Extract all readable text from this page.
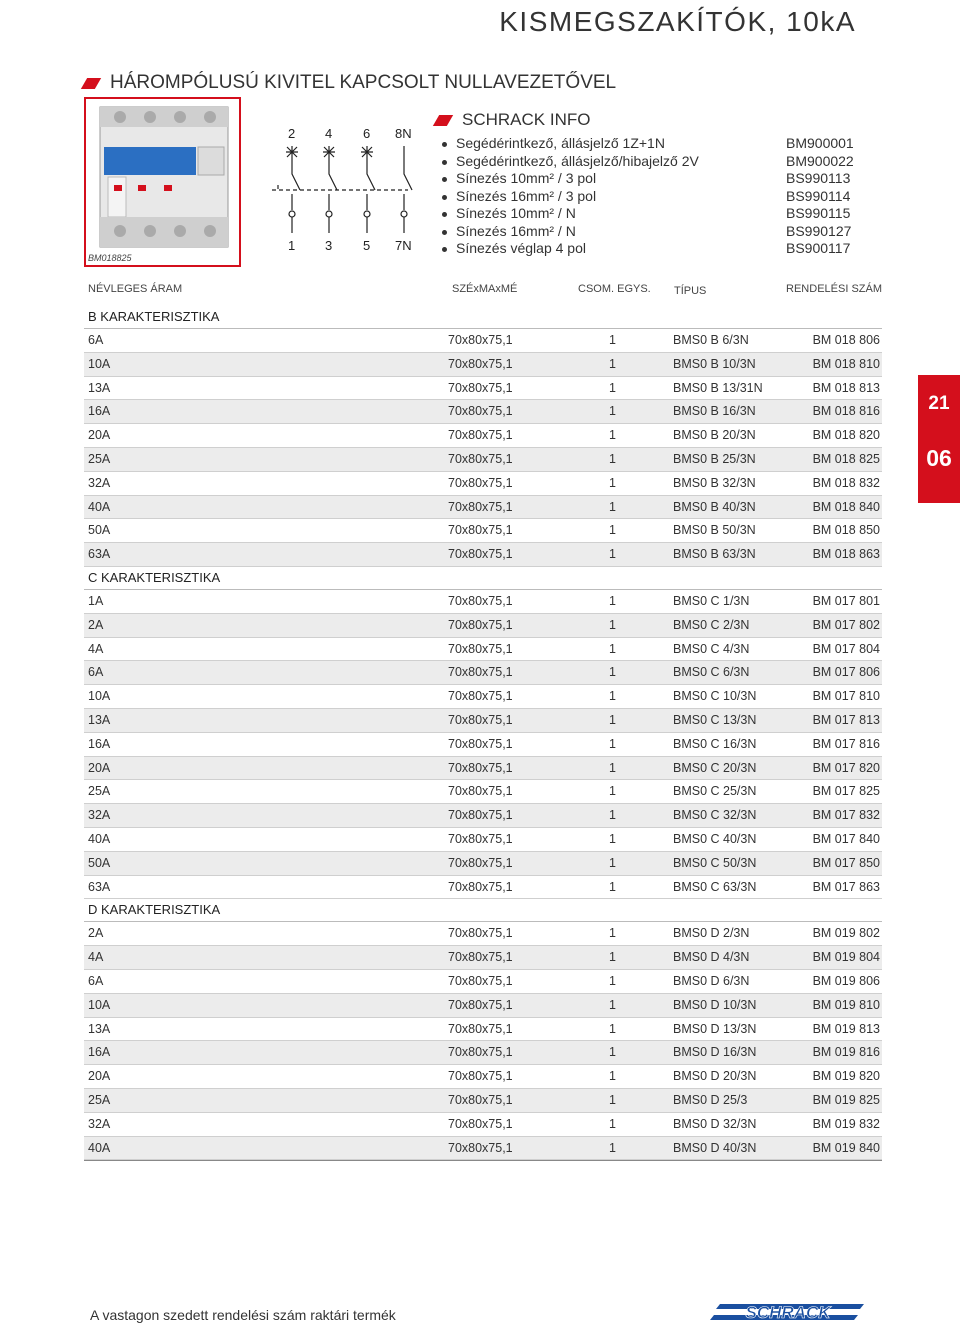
KISMEGSZAKÍTÓK, 10kA
HÁROMPÓLUSÚ KIVITEL KAPCSOLT NULLAVEZETŐVEL
BM018825
2 4 6 8N
1 3 5 7N
SCHRACK INFO
Segédérintkező, állásjelző 1Z+1N	BM900001
Segédérintkező, állásjelző/hibajelző 2V	BM900022
Sínezés 10mm² / 3 pol	BS990113
Sínezés 16mm² / 3 pol	BS990114
Sínezés 10mm² / N	BS990115
Sínezés 16mm² / N	BS990127
Sínezés véglap 4 pol	BS900117
NÉVLEGES ÁRAM	SZÉxMAxMÉ	CSOM. EGYS. TÍPUS	RENDELÉSI SZÁM
B KARAKTERISZTIKA
6A	70x80x75,1	1	BMS0 B 6/3N	BM 018 806
10A	70x80x75,1	1	BMS0 B 10/3N	BM 018 810
13A	70x80x75,1	1	BMS0 B 13/31N	BM 018 813
16A	70x80x75,1	1	BMS0 B 16/3N	BM 018 816
20A	70x80x75,1	1	BMS0 B 20/3N	BM 018 820
25A	70x80x75,1	1	BMS0 B 25/3N	BM 018 825
32A	70x80x75,1	1	BMS0 B 32/3N	BM 018 832
40A	70x80x75,1	1	BMS0 B 40/3N	BM 018 840
50A	70x80x75,1	1	BMS0 B 50/3N	BM 018 850
63A	70x80x75,1	1	BMS0 B 63/3N	BM 018 863
C KARAKTERISZTIKA
1A	70x80x75,1	1	BMS0 C 1/3N	BM 017 801
2A	70x80x75,1	1	BMS0 C 2/3N	BM 017 802
4A	70x80x75,1	1	BMS0 C 4/3N	BM 017 804
6A	70x80x75,1	1	BMS0 C 6/3N	BM 017 806
10A	70x80x75,1	1	BMS0 C 10/3N	BM 017 810
13A	70x80x75,1	1	BMS0 C 13/3N	BM 017 813
16A	70x80x75,1	1	BMS0 C 16/3N	BM 017 816
20A	70x80x75,1	1	BMS0 C 20/3N	BM 017 820
25A	70x80x75,1	1	BMS0 C 25/3N	BM 017 825
32A	70x80x75,1	1	BMS0 C 32/3N	BM 017 832
40A	70x80x75,1	1	BMS0 C 40/3N	BM 017 840
50A	70x80x75,1	1	BMS0 C 50/3N	BM 017 850
63A	70x80x75,1	1	BMS0 C 63/3N	BM 017 863
D KARAKTERISZTIKA
2A	70x80x75,1	1	BMS0 D 2/3N	BM 019 802
4A	70x80x75,1	1	BMS0 D 4/3N	BM 019 804
6A	70x80x75,1	1	BMS0 D 6/3N	BM 019 806
10A	70x80x75,1	1	BMS0 D 10/3N	BM 019 810
13A	70x80x75,1	1	BMS0 D 13/3N	BM 019 813
16A	70x80x75,1	1	BMS0 D 16/3N	BM 019 816
20A	70x80x75,1	1	BMS0 D 20/3N	BM 019 820
25A	70x80x75,1	1	BMS0 D 25/3	BM 019 825
32A	70x80x75,1	1	BMS0 D 32/3N	BM 019 832
40A	70x80x75,1	1	BMS0 D 40/3N	BM 019 840
21
06
A vastagon szedett rendelési szám raktári termék	SCHRACK
